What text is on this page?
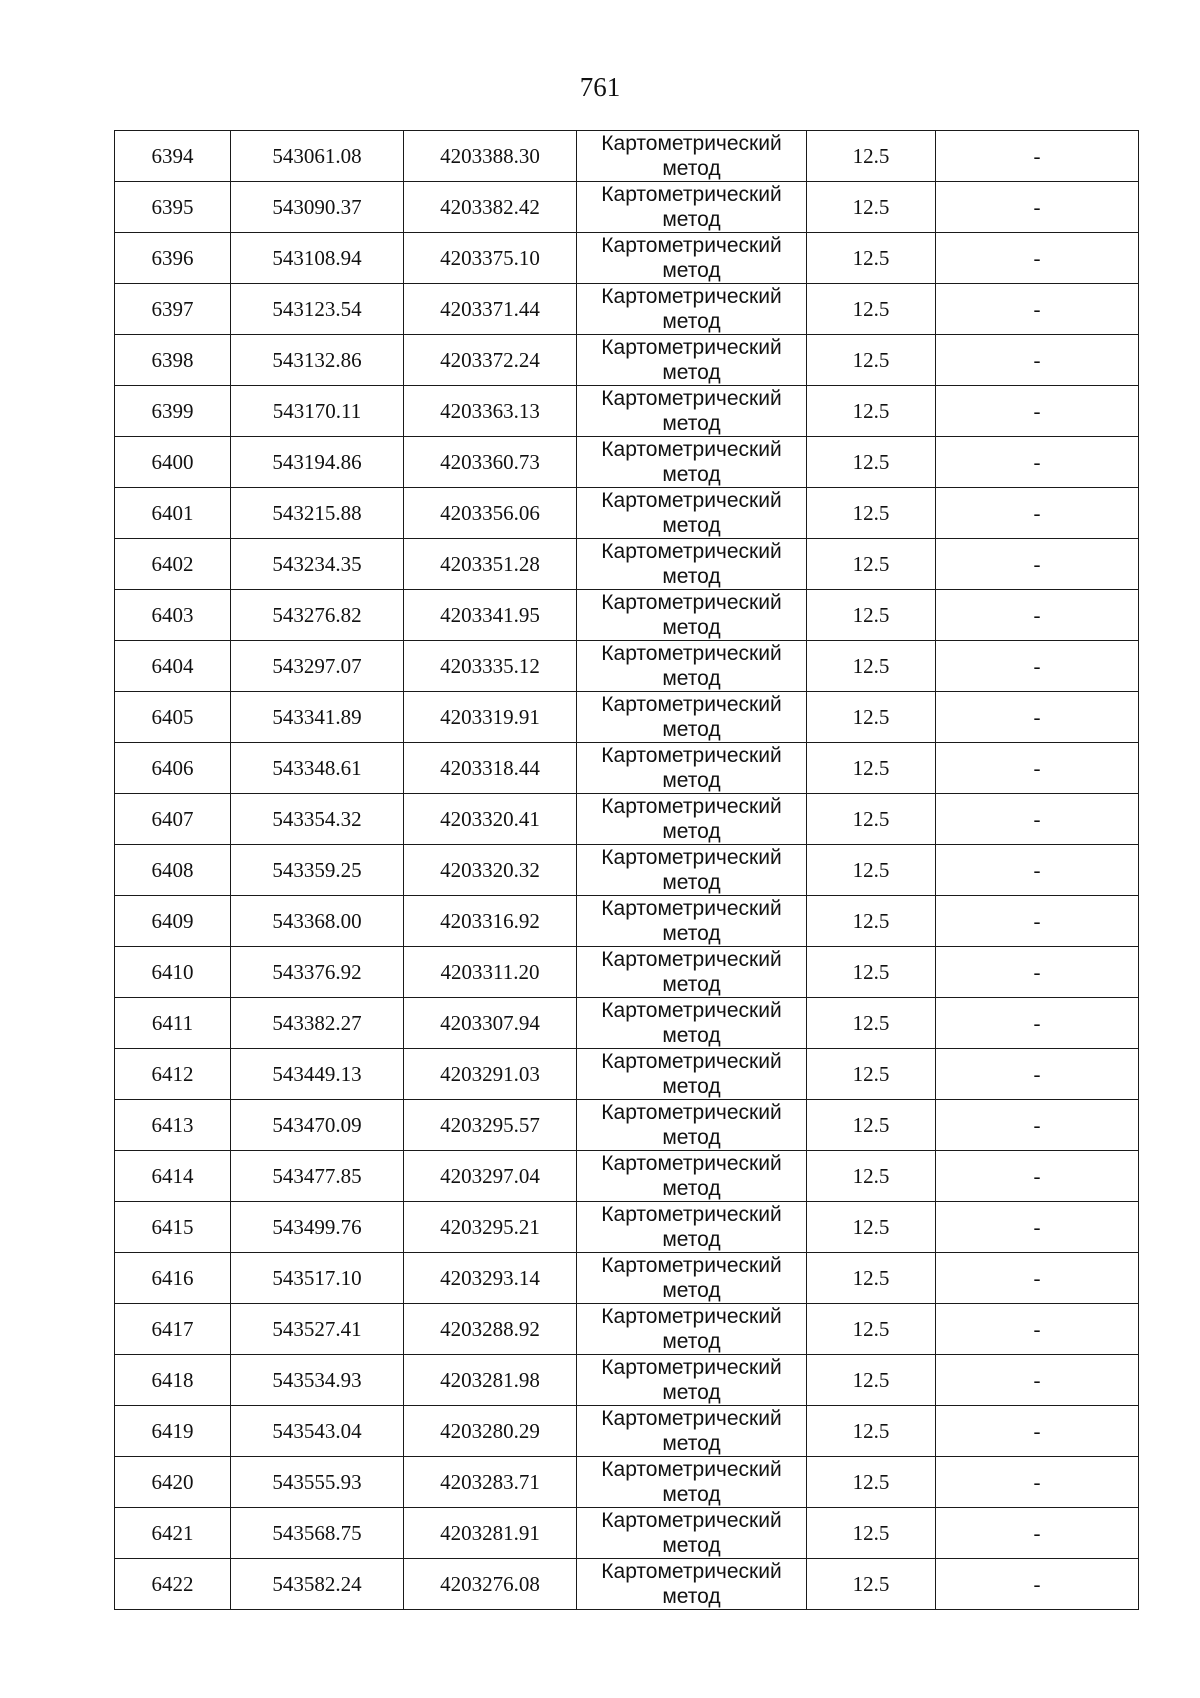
761
6394	543061.08	4203388.30	Картометрический
метод	12.5	-
6395	543090.37	4203382.42	Картометрический
метод	12.5	-
6396	543108.94	4203375.10	Картометрический
метод	12.5	-
6397	543123.54	4203371.44	Картометрический
метод	12.5	-
6398	543132.86	4203372.24	Картометрический
метод	12.5	-
6399	543170.11	4203363.13	Картометрический
метод	12.5	-
6400	543194.86	4203360.73	Картометрический
метод	12.5	-
6401	543215.88	4203356.06	Картометрический
метод	12.5	-
6402	543234.35	4203351.28	Картометрический
метод	12.5	-
6403	543276.82	4203341.95	Картометрический
метод	12.5	-
6404	543297.07	4203335.12	Картометрический
метод	12.5	-
6405	543341.89	4203319.91	Картометрический
метод	12.5	-
6406	543348.61	4203318.44	Картометрический
метод	12.5	-
6407	543354.32	4203320.41	Картометрический
метод	12.5	-
6408	543359.25	4203320.32	Картометрический
метод	12.5	-
6409	543368.00	4203316.92	Картометрический
метод	12.5	-
6410	543376.92	4203311.20	Картометрический
метод	12.5	-
6411	543382.27	4203307.94	Картометрический
метод	12.5	-
6412	543449.13	4203291.03	Картометрический
метод	12.5	-
6413	543470.09	4203295.57	Картометрический
метод	12.5	-
6414	543477.85	4203297.04	Картометрический
метод	12.5	-
6415	543499.76	4203295.21	Картометрический
метод	12.5	-
6416	543517.10	4203293.14	Картометрический
метод	12.5	-
6417	543527.41	4203288.92	Картометрический
метод	12.5	-
6418	543534.93	4203281.98	Картометрический
метод	12.5	-
6419	543543.04	4203280.29	Картометрический
метод	12.5	-
6420	543555.93	4203283.71	Картометрический
метод	12.5	-
6421	543568.75	4203281.91	Картометрический
метод	12.5	-
6422	543582.24	4203276.08	Картометрический
метод	12.5	-
